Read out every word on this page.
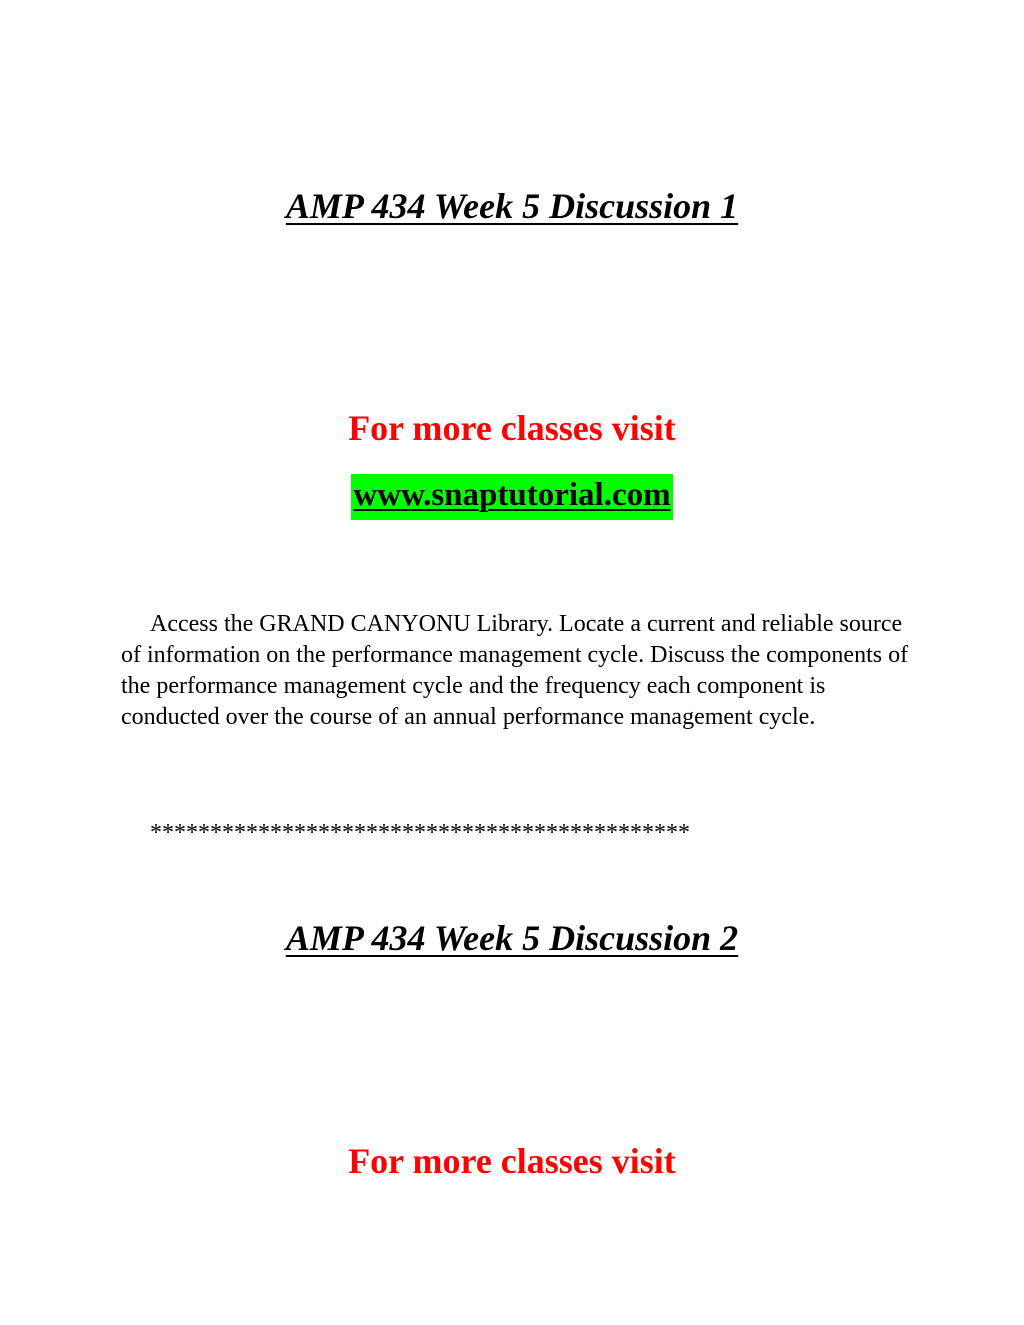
AMP 434 Week 5 Discussion 1

For more classes visit

www.snaptutorial.com

Access the GRAND CANYONU Library. Locate a current and reliable source of information on the performance management cycle. Discuss the components of the performance management cycle and the frequency each component is conducted over the course of an annual performance management cycle.

*********************************************

AMP 434 Week 5 Discussion 2

For more classes visit
